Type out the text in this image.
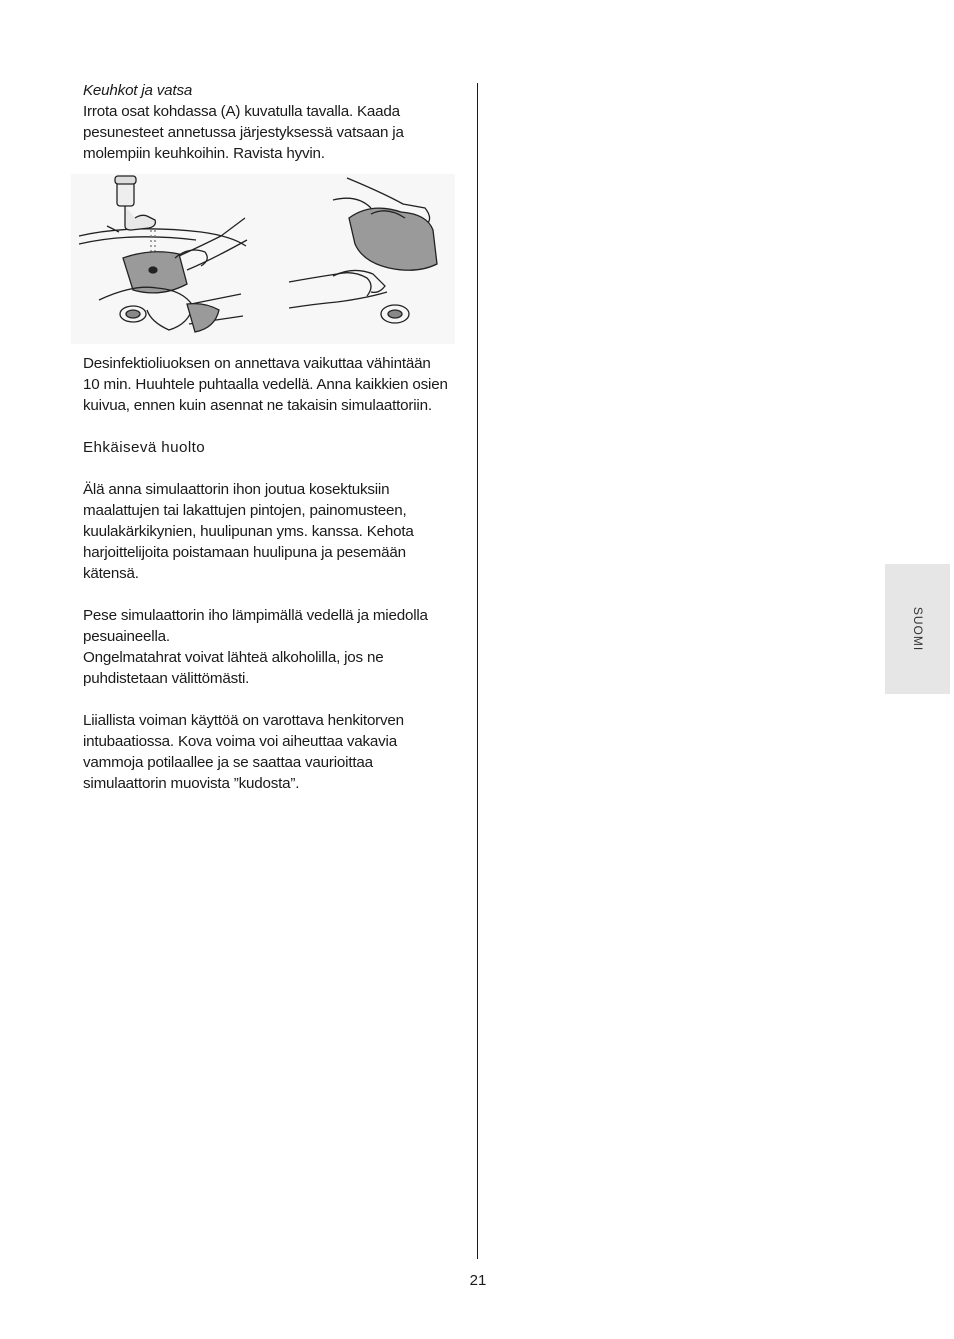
Keuhkot ja vatsa

Irrota osat kohdassa (A) kuvatulla tavalla. Kaada

pesunesteet annetussa järjestyksessä vatsaan ja

molempiin keuhkoihin. Ravista hyvin.

Desinfektioliuoksen on annettava vaikuttaa vähintään

10 min. Huuhtele puhtaalla vedellä. Anna kaikkien osien

kuivua, ennen kuin asennat ne takaisin simulaattoriin.

Ehkäisevä huolto

Älä anna simulaattorin ihon joutua kosektuksiin

maalattujen tai lakattujen pintojen, painomusteen,

kuulakärkikynien, huulipunan yms. kanssa. Kehota

harjoittelijoita poistamaan huulipuna ja pesemään

kätensä.

Pese simulaattorin iho lämpimällä vedellä ja miedolla

pesuaineella.

Ongelmatahrat voivat lähteä alkoholilla, jos ne

puhdistetaan välittömästi.

Liiallista voiman käyttöä on varottava henkitorven

intubaatiossa. Kova voima voi aiheuttaa vakavia

vammoja potilaallee ja se saattaa vaurioittaa

simulaattorin muovista ”kudosta”.

SUOMI
21
